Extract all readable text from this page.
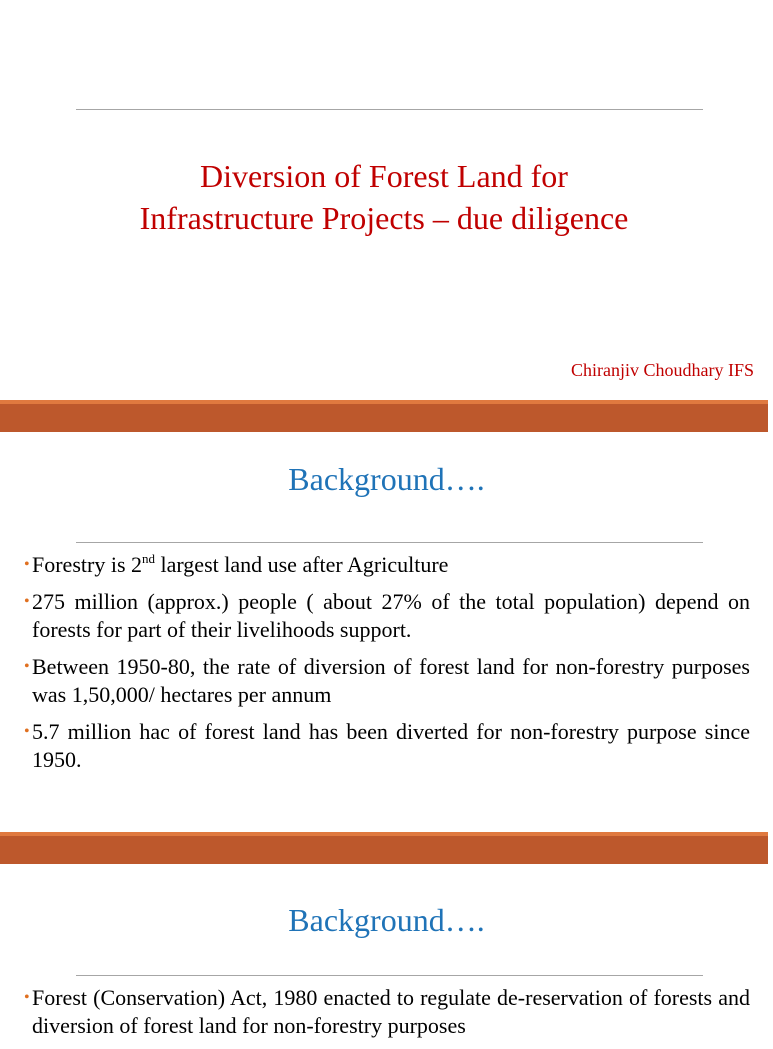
Diversion of Forest Land for
Infrastructure Projects – due diligence
Chiranjiv Choudhary IFS
Background….
• Forestry is 2nd largest land use after Agriculture
• 275 million (approx.) people ( about 27% of the total population) depend on forests for part of their livelihoods support.
• Between 1950-80, the rate of diversion of forest land for non-forestry purposes was 1,50,000/ hectares per annum
• 5.7 million hac of forest land has been diverted for non-forestry purpose since 1950.
Background….
• Forest (Conservation) Act, 1980 enacted to regulate de-reservation of forests and diversion of forest land for non-forestry purposes
